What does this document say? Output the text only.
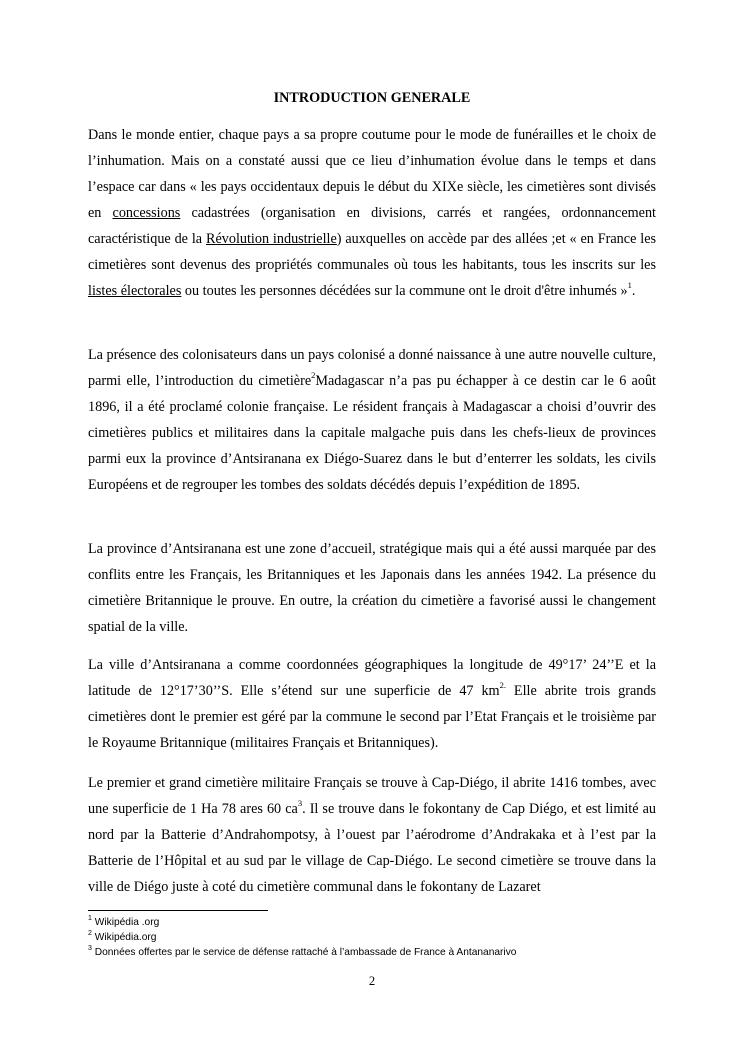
INTRODUCTION GENERALE

Dans le monde entier, chaque pays a sa propre coutume pour le mode de funérailles et le choix de l’inhumation. Mais on a constaté aussi que ce lieu d’inhumation évolue dans le temps et dans l’espace car dans « les pays occidentaux depuis le début du XIXe siècle, les cimetières sont divisés en concessions cadastrées (organisation en divisions, carrés et rangées, ordonnancement caractéristique de la Révolution industrielle) auxquelles on accède par des allées ;et « en France les cimetières sont devenus des propriétés communales où tous les habitants, tous les inscrits sur les listes électorales ou toutes les personnes décédées sur la commune ont le droit d'être inhumés »$^1$.

La présence des colonisateurs dans un pays colonisé a donné naissance à une autre nouvelle culture, parmi elle, l’introduction du cimetière$^2$Madagascar n’a pas pu échapper à ce destin car le 6 août 1896, il a été proclamé colonie française. Le résident français à Madagascar a choisi d’ouvrir des cimetières publics et militaires dans la capitale malgache puis dans les chefs-lieux de provinces parmi eux la province d’Antsiranana ex Diégo-Suarez dans le but d’enterrer les soldats, les civils Européens et de regrouper les tombes des soldats décédés depuis l’expédition de 1895.

La province d’Antsiranana est une zone d’accueil, stratégique mais qui a été aussi marquée par des conflits entre les Français, les Britanniques et les Japonais dans les années 1942. La présence du cimetière Britannique le prouve. En outre, la création du cimetière a favorisé aussi le changement spatial de la ville.

La ville d’Antsiranana a comme coordonnées géographiques la longitude de 49°17’ 24’’E et la latitude de 12°17’30’’S. Elle s’étend sur une superficie de 47 $km^{2.}$ Elle abrite trois grands cimetières dont le premier est géré par la commune le second par l’Etat Français et le troisième par le Royaume Britannique (militaires Français et Britanniques).

Le premier et grand cimetière militaire Français se trouve à Cap-Diégo, il abrite 1416 tombes, avec une superficie de 1 Ha 78 ares 60 $ca^3$. Il se trouve dans le fokontany de Cap Diégo, et est limité au nord par la Batterie d’Andrahompotsy, à l’ouest par l’aérodrome d’Andrakaka et à l’est par la Batterie de l’Hôpital et au sud par le village de Cap-Diégo. Le second cimetière se trouve dans la ville de Diégo juste à coté du cimetière communal dans le fokontany de Lazaret

$^1$ Wikipédia .org
$^2$ Wikipédia.org
$^3$ Données offertes par le service de défense rattaché à l’ambassade de France à Antananarivo
2
